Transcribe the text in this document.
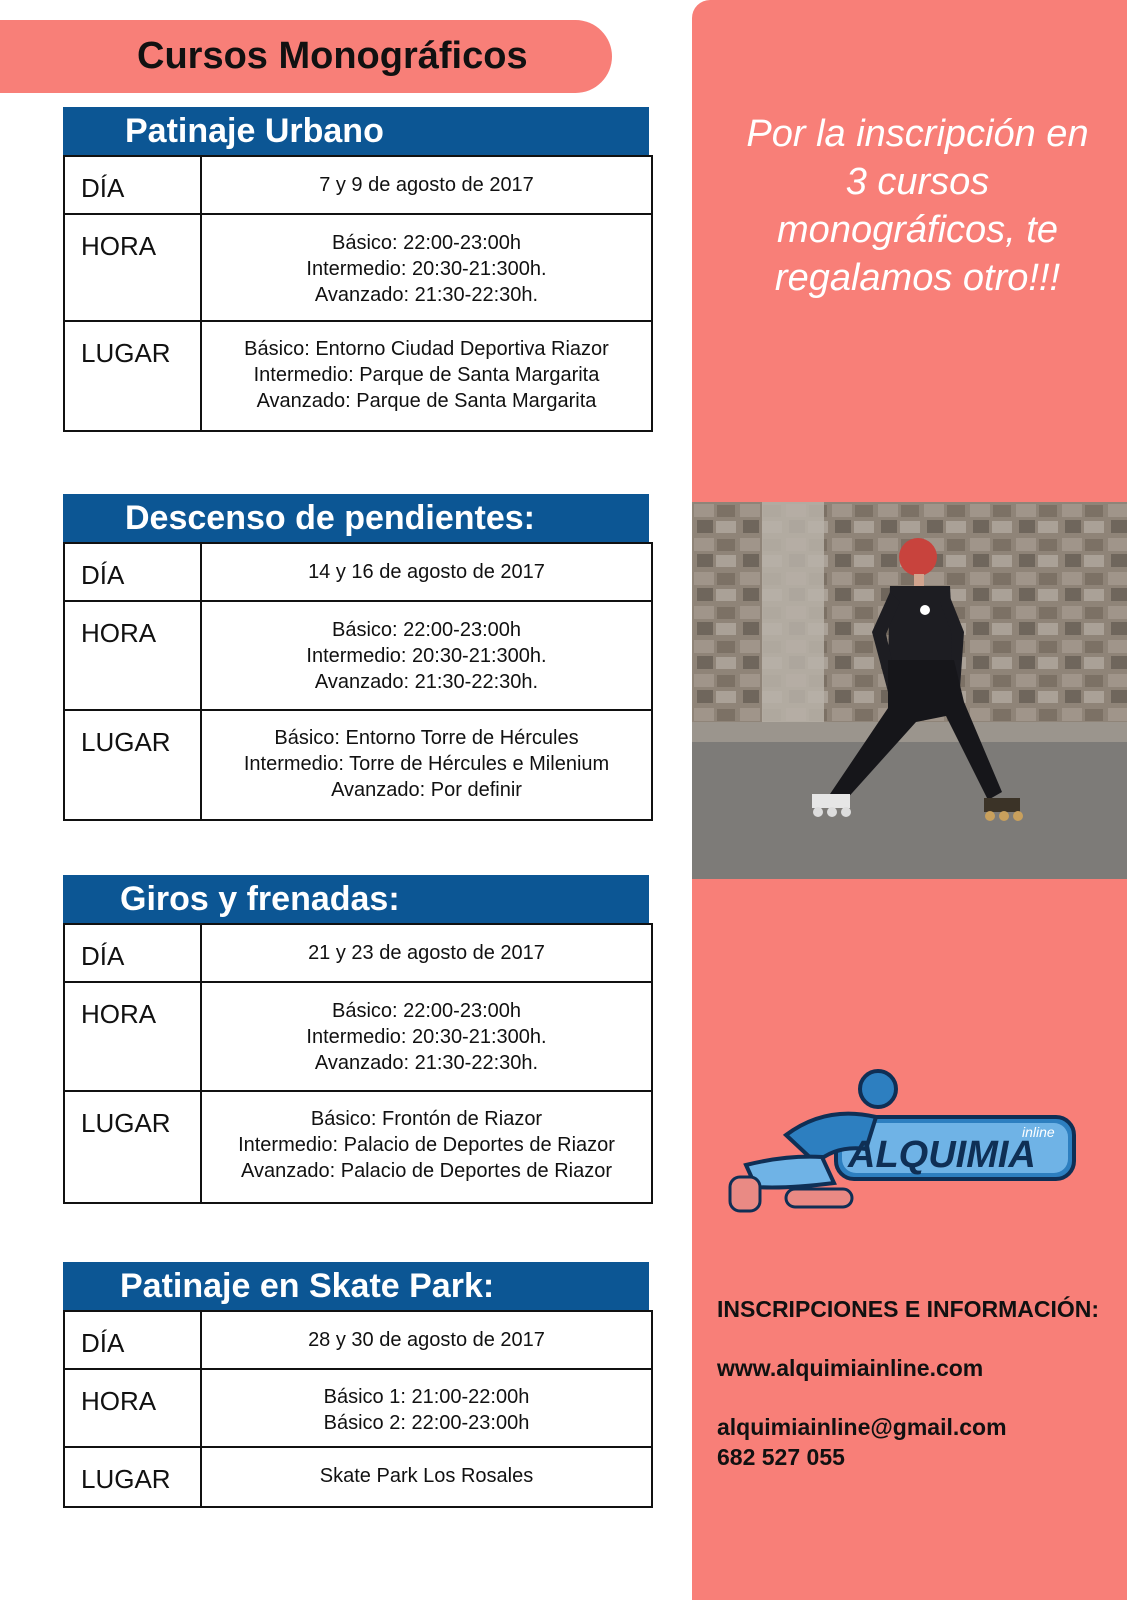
Cursos Monográficos
Patinaje Urbano
DÍA	7 y 9 de agosto de 2017
HORA	Básico: 22:00-23:00h
Intermedio: 20:30-21:300h.
Avanzado: 21:30-22:30h.

LUGAR	Básico: Entorno Ciudad Deportiva Riazor
Intermedio: Parque de Santa Margarita
Avanzado: Parque de Santa Margarita
Descenso de pendientes:
DÍA	14 y 16 de agosto de 2017
HORA	Básico: 22:00-23:00h
Intermedio: 20:30-21:300h.
Avanzado: 21:30-22:30h.

LUGAR	Básico: Entorno Torre de Hércules
Intermedio: Torre de Hércules e Milenium
Avanzado: Por definir
Giros y frenadas:
DÍA	21 y 23 de agosto de 2017
HORA	Básico: 22:00-23:00h
Intermedio: 20:30-21:300h.
Avanzado: 21:30-22:30h.

LUGAR	Básico: Frontón de Riazor
Intermedio: Palacio de Deportes de Riazor
Avanzado: Palacio de Deportes de Riazor
Patinaje en Skate Park:
DÍA	28 y 30 de agosto de 2017
HORA	Básico 1: 21:00-22:00h
Básico 2: 22:00-23:00h

LUGAR	Skate Park Los Rosales
Por la inscripción en
3 cursos
monográficos, te
regalamos otro!!!
ALQUIMIA
inline
INSCRIPCIONES E INFORMACIÓN:
www.alquimiainline.com
alquimiainline@gmail.com
682 527 055
